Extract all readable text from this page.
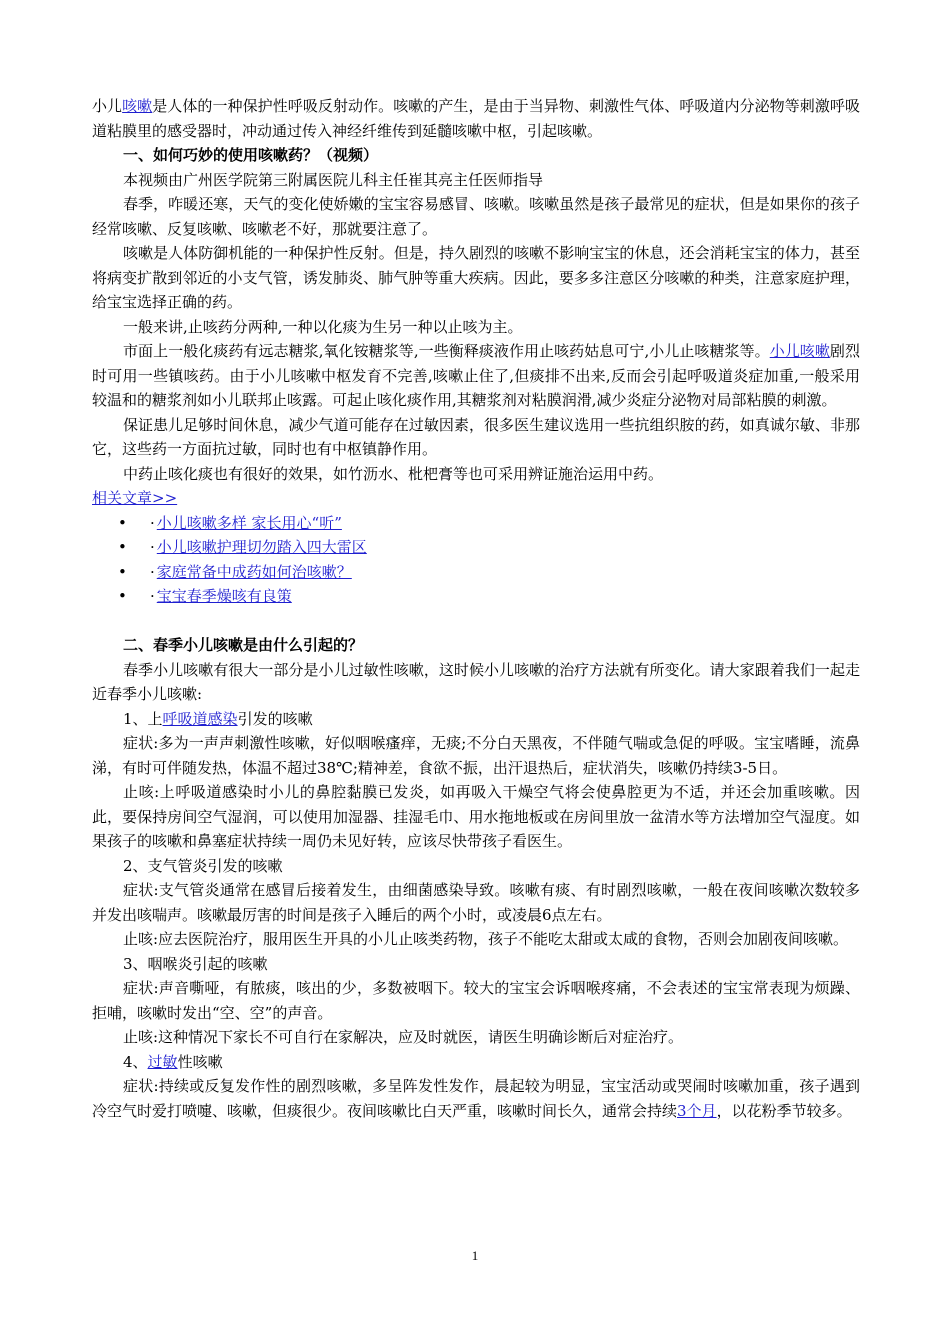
小儿咳嗽是人体的一种保护性呼吸反射动作。咳嗽的产生，是由于当异物、刺激性气体、呼吸道内分泌物等刺激呼吸道粘膜里的感受器时，冲动通过传入神经纤维传到延髓咳嗽中枢，引起咳嗽。

一、如何巧妙的使用咳嗽药？（视频）

本视频由广州医学院第三附属医院儿科主任崔其亮主任医师指导

春季，咋暖还寒，天气的变化使娇嫩的宝宝容易感冒、咳嗽。咳嗽虽然是孩子最常见的症状，但是如果你的孩子经常咳嗽、反复咳嗽、咳嗽老不好，那就要注意了。

咳嗽是人体防御机能的一种保护性反射。但是，持久剧烈的咳嗽不影响宝宝的休息，还会消耗宝宝的体力，甚至将病变扩散到邻近的小支气管，诱发肺炎、肺气肿等重大疾病。因此，要多多注意区分咳嗽的种类，注意家庭护理，给宝宝选择正确的药。

一般来讲,止咳药分两种,一种以化痰为生另一种以止咳为主。

市面上一般化痰药有远志糖浆,氧化铵糖浆等,一些衡释痰液作用止咳药姑息可宁,小儿止咳糖浆等。小儿咳嗽剧烈时可用一些镇咳药。由于小儿咳嗽中枢发育不完善,咳嗽止住了,但痰排不出来,反而会引起呼吸道炎症加重,一般采用较温和的糖浆剂如小儿联邦止咳露。可起止咳化痰作用,其糖浆剂对粘膜润滑,减少炎症分泌物对局部粘膜的刺激。

保证患儿足够时间休息，减少气道可能存在过敏因素，很多医生建议选用一些抗组织胺的药，如真诚尔敏、非那它，这些药一方面抗过敏，同时也有中枢镇静作用。

中药止咳化痰也有很好的效果，如竹沥水、枇杷膏等也可采用辨证施治运用中药。

相关文章>>

• · 小儿咳嗽多样 家长用心“听”
• · 小儿咳嗽护理切勿踏入四大雷区
• · 家庭常备中成药如何治咳嗽？
• · 宝宝春季燥咳有良策

二、春季小儿咳嗽是由什么引起的？

春季小儿咳嗽有很大一部分是小儿过敏性咳嗽，这时候小儿咳嗽的治疗方法就有所变化。请大家跟着我们一起走近春季小儿咳嗽:

1、上呼吸道感染引发的咳嗽

症状:多为一声声刺激性咳嗽，好似咽喉瘙痒，无痰;不分白天黑夜，不伴随气喘或急促的呼吸。宝宝嗜睡，流鼻涕，有时可伴随发热，体温不超过38℃;精神差，食欲不振，出汗退热后，症状消失，咳嗽仍持续3-5日。

止咳:上呼吸道感染时小儿的鼻腔黏膜已发炎，如再吸入干燥空气将会使鼻腔更为不适，并还会加重咳嗽。因此，要保持房间空气湿润，可以使用加湿器、挂湿毛巾、用水拖地板或在房间里放一盆清水等方法增加空气湿度。如果孩子的咳嗽和鼻塞症状持续一周仍未见好转，应该尽快带孩子看医生。

2、支气管炎引发的咳嗽

症状:支气管炎通常在感冒后接着发生，由细菌感染导致。咳嗽有痰、有时剧烈咳嗽，一般在夜间咳嗽次数较多并发出咳喘声。咳嗽最厉害的时间是孩子入睡后的两个小时，或凌晨6点左右。

止咳:应去医院治疗，服用医生开具的小儿止咳类药物，孩子不能吃太甜或太咸的食物，否则会加剧夜间咳嗽。

3、咽喉炎引起的咳嗽

症状:声音嘶哑，有脓痰，咳出的少，多数被咽下。较大的宝宝会诉咽喉疼痛，不会表述的宝宝常表现为烦躁、拒哺，咳嗽时发出“空、空”的声音。

止咳:这种情况下家长不可自行在家解决，应及时就医，请医生明确诊断后对症治疗。

4、过敏性咳嗽

症状:持续或反复发作性的剧烈咳嗽，多呈阵发性发作，晨起较为明显，宝宝活动或哭闹时咳嗽加重，孩子遇到冷空气时爱打喷嚏、咳嗽，但痰很少。夜间咳嗽比白天严重，咳嗽时间长久，通常会持续3个月，以花粉季节较多。

1
